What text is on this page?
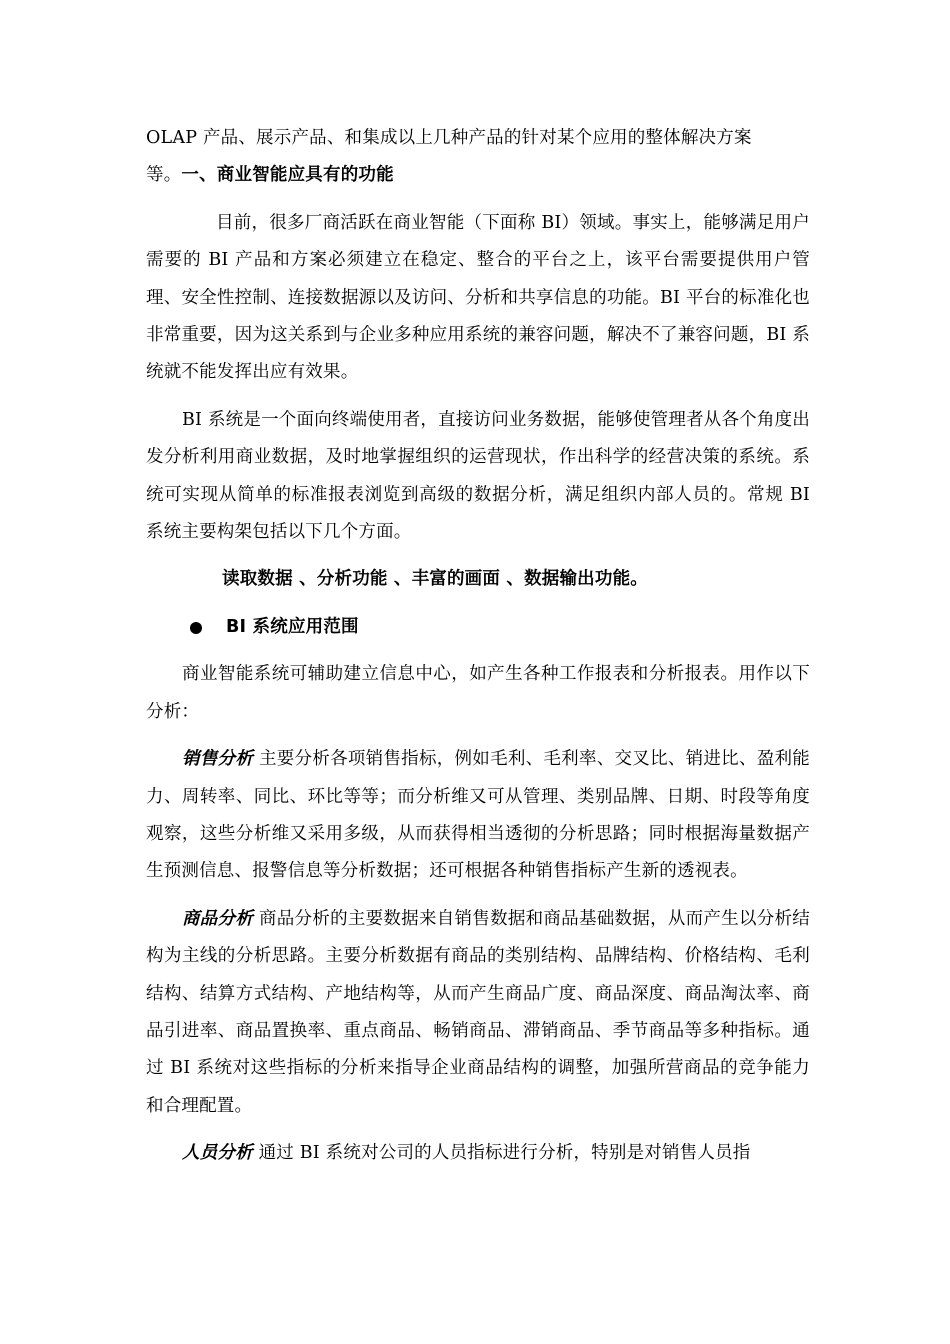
OLAP 产品、展示产品、和集成以上几种产品的针对某个应用的整体解决方案
等。一、商业智能应具有的功能

目前，很多厂商活跃在商业智能（下面称 BI）领域。事实上，能够满足用户需要的 BI 产品和方案必须建立在稳定、整合的平台之上，该平台需要提供用户管理、安全性控制、连接数据源以及访问、分析和共享信息的功能。BI 平台的标准化也非常重要，因为这关系到与企业多种应用系统的兼容问题，解决不了兼容问题，BI 系统就不能发挥出应有效果。

BI 系统是一个面向终端使用者，直接访问业务数据，能够使管理者从各个角度出发分析利用商业数据，及时地掌握组织的运营现状，作出科学的经营决策的系统。系统可实现从简单的标准报表浏览到高级的数据分析，满足组织内部人员的。常规 BI 系统主要构架包括以下几个方面。

读取数据 、分析功能 、丰富的画面 、数据输出功能。

BI 系统应用范围

商业智能系统可辅助建立信息中心，如产生各种工作报表和分析报表。用作以下分析：

销售分析 主要分析各项销售指标，例如毛利、毛利率、交叉比、销进比、盈利能力、周转率、同比、环比等等；而分析维又可从管理、类别品牌、日期、时段等角度观察，这些分析维又采用多级，从而获得相当透彻的分析思路；同时根据海量数据产生预测信息、报警信息等分析数据；还可根据各种销售指标产生新的透视表。

商品分析 商品分析的主要数据来自销售数据和商品基础数据，从而产生以分析结构为主线的分析思路。主要分析数据有商品的类别结构、品牌结构、价格结构、毛利结构、结算方式结构、产地结构等，从而产生商品广度、商品深度、商品淘汰率、商品引进率、商品置换率、重点商品、畅销商品、滞销商品、季节商品等多种指标。通过 BI 系统对这些指标的分析来指导企业商品结构的调整，加强所营商品的竞争能力和合理配置。

人员分析 通过 BI 系统对公司的人员指标进行分析，特别是对销售人员指
